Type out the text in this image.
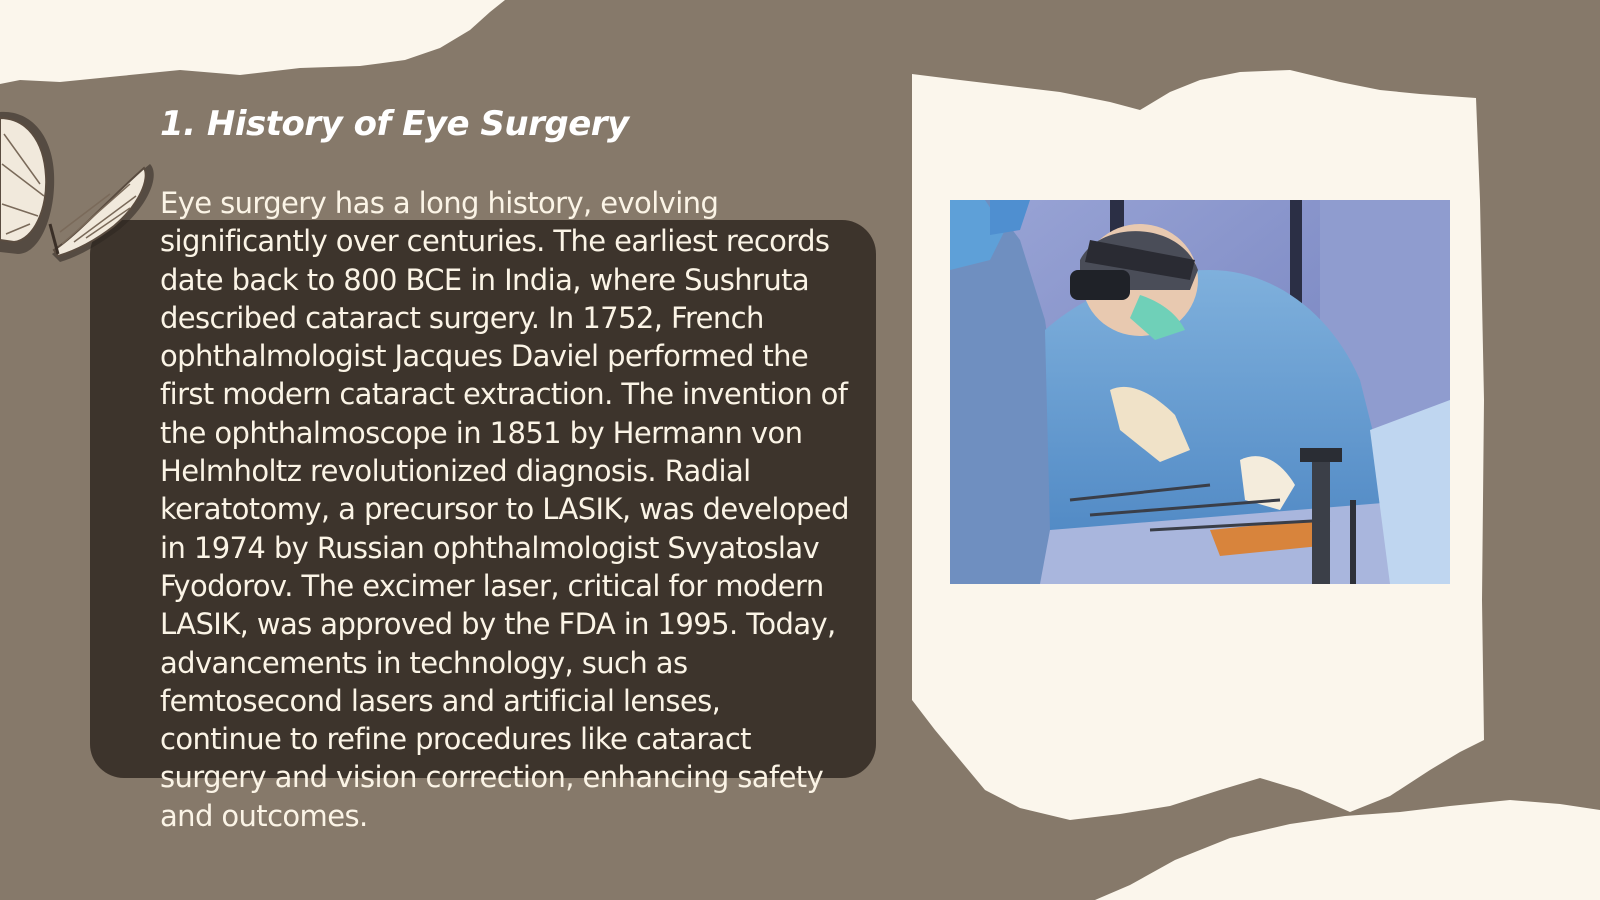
1. History of Eye Surgery

Eye surgery has a long history, evolving significantly over centuries. The earliest records date back to 800 BCE in India, where Sushruta described cataract surgery. In 1752, French ophthalmologist Jacques Daviel performed the first modern cataract extraction. The invention of the ophthalmoscope in 1851 by Hermann von Helmholtz revolutionized diagnosis. Radial keratotomy, a precursor to LASIK, was developed in 1974 by Russian ophthalmologist Svyatoslav Fyodorov. The excimer laser, critical for modern LASIK, was approved by the FDA in 1995. Today, advancements in technology, such as femtosecond lasers and artificial lenses, continue to refine procedures like cataract surgery and vision correction, enhancing safety and outcomes.
